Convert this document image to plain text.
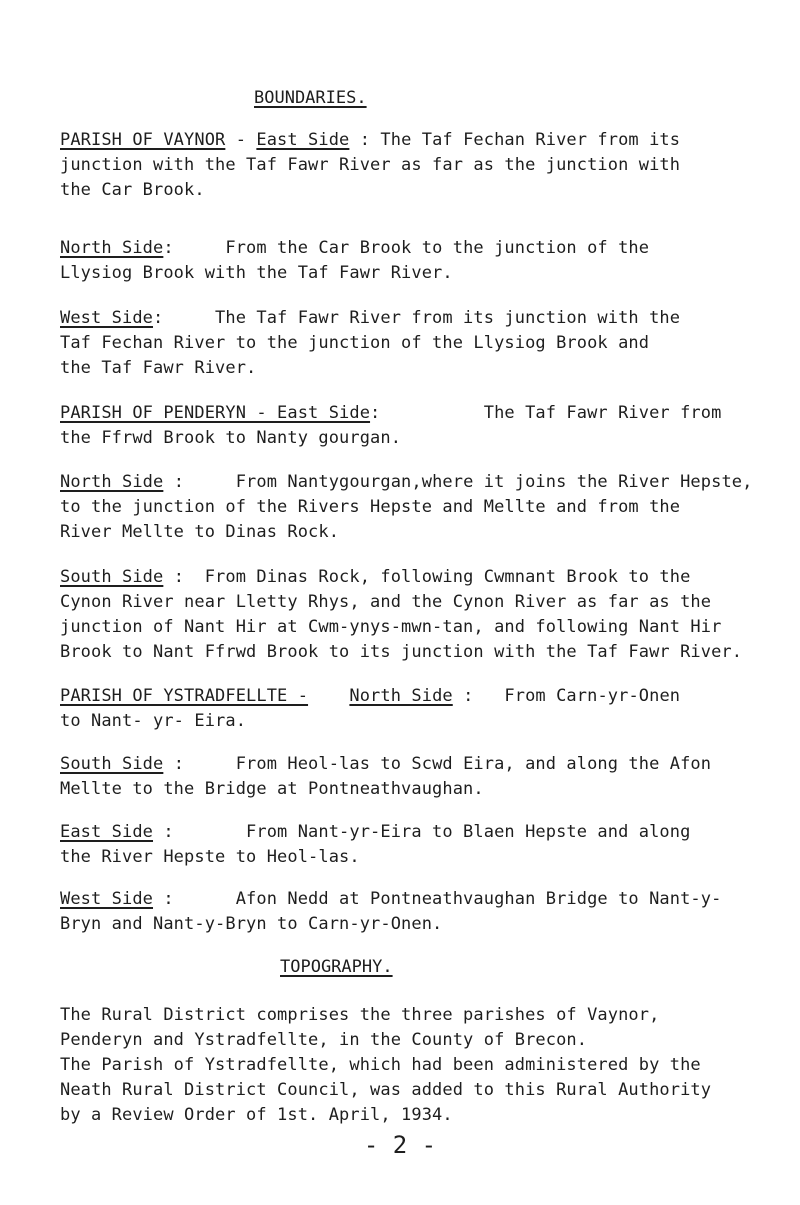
BOUNDARIES.

PARISH OF VAYNOR - East Side : The Taf Fechan River from its

junction with the Taf Fawr River as far as the junction with

the Car Brook.

North Side:     From the Car Brook to the junction of the

Llysiog Brook with the Taf Fawr River.

West Side:     The Taf Fawr River from its junction with the

Taf Fechan River to the junction of the Llysiog Brook and

the Taf Fawr River.

PARISH OF PENDERYN - East Side:          The Taf Fawr River from

the Ffrwd Brook to Nanty gourgan.

North Side :     From Nantygourgan,where it joins the River Hepste,

to the junction of the Rivers Hepste and Mellte and from the

River Mellte to Dinas Rock.

South Side :  From Dinas Rock, following Cwmnant Brook to the

Cynon River near Lletty Rhys, and the Cynon River as far as the

junction of Nant Hir at Cwm-ynys-mwn-tan, and following Nant Hir

Brook to Nant Ffrwd Brook to its junction with the Taf Fawr River.

PARISH OF YSTRADFELLTE - North Side :   From Carn-yr-Onen

to Nant- yr- Eira.

South Side :     From Heol-las to Scwd Eira, and along the Afon

Mellte to the Bridge at Pontneathvaughan.

East Side :       From Nant-yr-Eira to Blaen Hepste and along

the River Hepste to Heol-las.

West Side :      Afon Nedd at Pontneathvaughan Bridge to Nant-y-

Bryn and Nant-y-Bryn to Carn-yr-Onen.

TOPOGRAPHY.

The Rural District comprises the three parishes of Vaynor,

Penderyn and Ystradfellte, in the County of Brecon.

The Parish of Ystradfellte, which had been administered by the

Neath Rural District Council, was added to this Rural Authority

by a Review Order of 1st. April, 1934.

- 2 -
